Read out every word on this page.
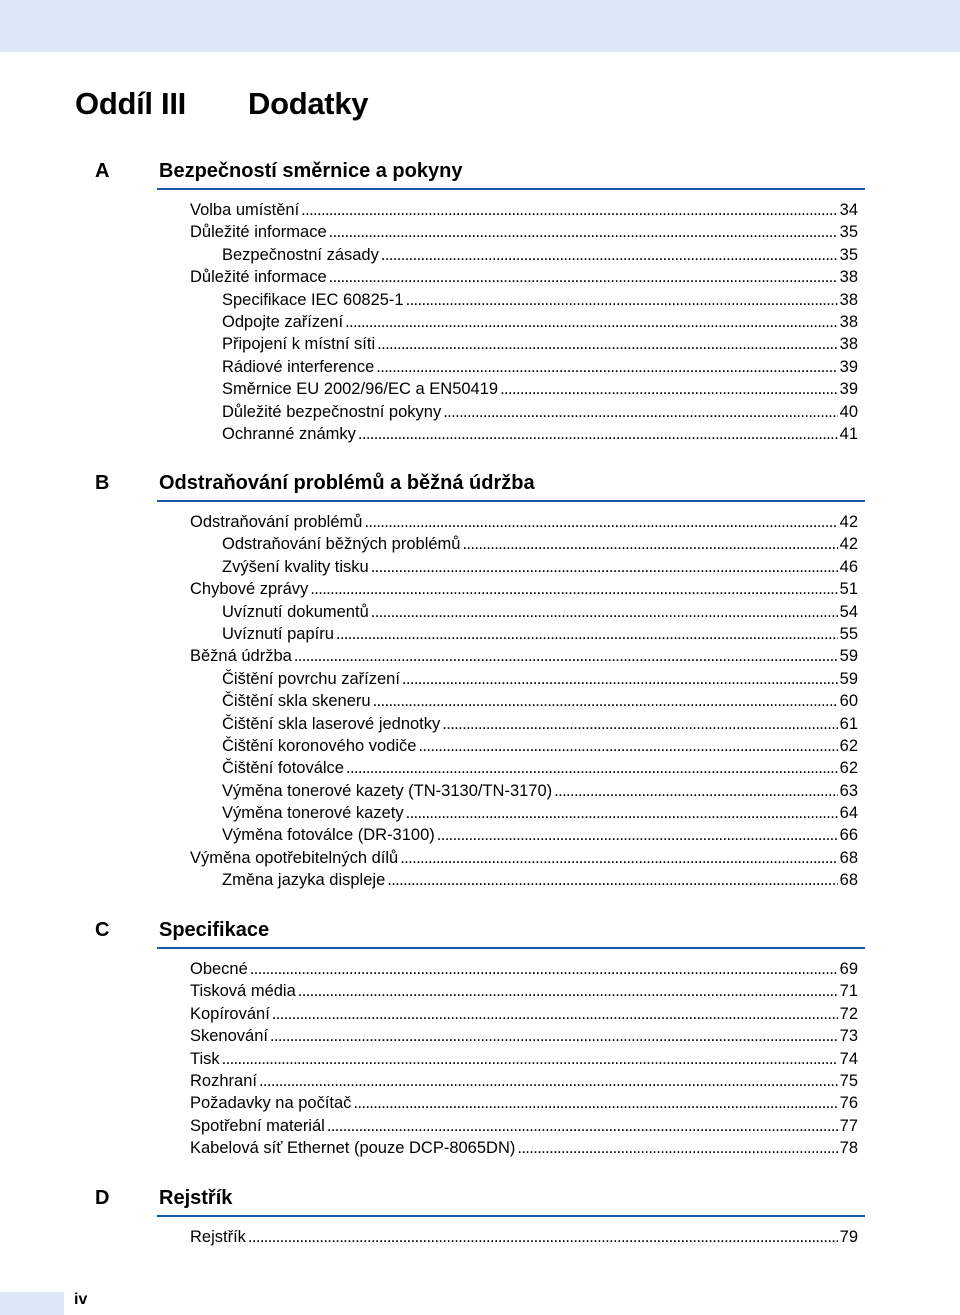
Oddíl III Dodatky
A Bezpečností směrnice a pokyny
Volba umístění . . .	34
Důležité informace . . .	35
Bezpečnostní zásady . . .	35
Důležité informace . . .	38
Specifikace IEC 60825-1 . . .	38
Odpojte zařízení . . .	38
Připojení k místní síti . . .	38
Rádiové interference . . .	39
Směrnice EU 2002/96/EC a EN50419 . . .	39
Důležité bezpečnostní pokyny . . .	40
Ochranné známky . . .	41
B Odstraňování problémů a běžná údržba
Odstraňování problémů . . .	42
Odstraňování běžných problémů . . .	42
Zvýšení kvality tisku . . .	46
Chybové zprávy . . .	51
Uvíznutí dokumentů . . .	54
Uvíznutí papíru . . .	55
Běžná údržba . . .	59
Čištění povrchu zařízení . . .	59
Čištění skla skeneru . . .	60
Čištění skla laserové jednotky . . .	61
Čištění koronového vodiče . . .	62
Čištění fotoválce . . .	62
Výměna tonerové kazety (TN-3130/TN-3170) . . .	63
Výměna tonerové kazety . . .	64
Výměna fotoválce (DR-3100) . . .	66
Výměna opotřebitelných dílů . . .	68
Změna jazyka displeje . . .	68
C Specifikace
Obecné . . .	69
Tisková média . . .	71
Kopírování . . .	72
Skenování . . .	73
Tisk . . .	74
Rozhraní . . .	75
Požadavky na počítač . . .	76
Spotřební materiál . . .	77
Kabelová síť Ethernet (pouze DCP-8065DN) . . .	78
D Rejstřík
Rejstřík . . .	79
iv
